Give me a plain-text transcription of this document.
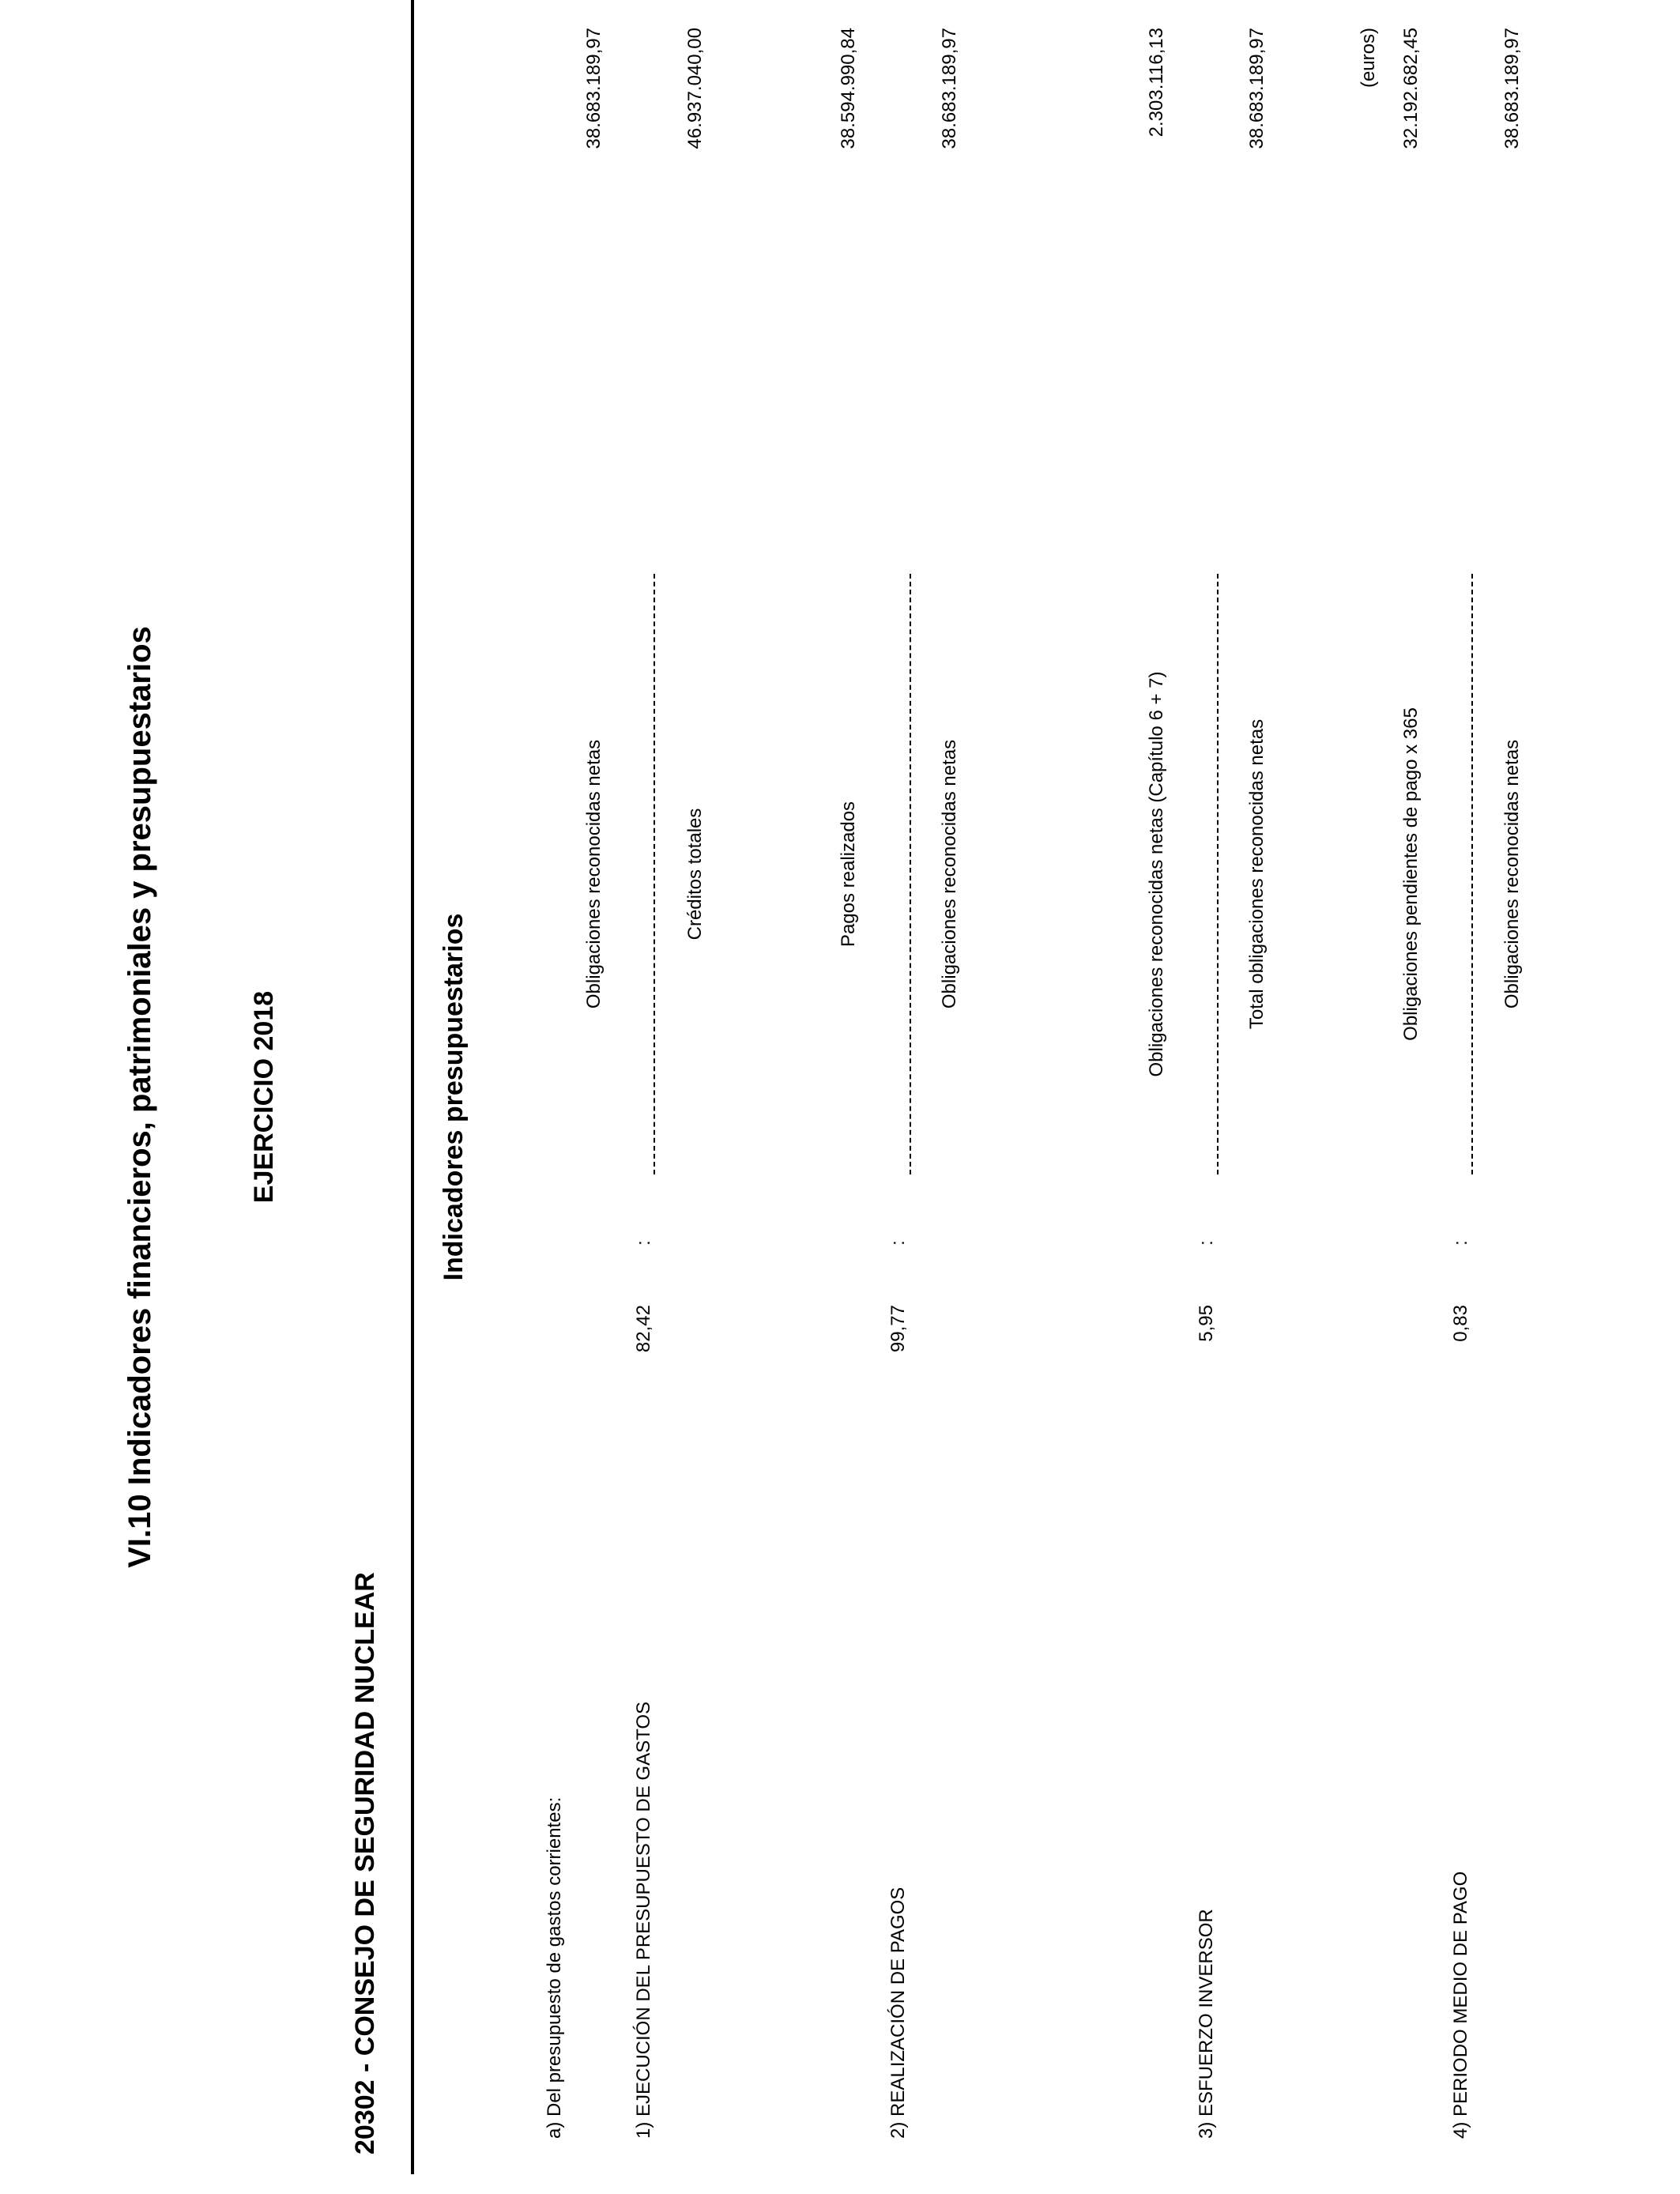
VI.10 Indicadores financieros, patrimoniales y presupuestarios	EJERCICIO 2018
20302 - CONSEJO DE SEGURIDAD NUCLEAR
Indicadores presupuestarios
(euros)
a) Del presupuesto de gastos corrientes:
Obligaciones reconocidas netas
38.683.189,97
1) EJECUCIÓN DEL PRESUPUESTO DE GASTOS
82,42
:
Créditos totales
46.937.040,00
Pagos realizados
38.594.990,84
2) REALIZACIÓN DE PAGOS
99,77
:
Obligaciones reconocidas netas
38.683.189,97
Obligaciones reconocidas netas (Capítulo 6 + 7)
2.303.116,13
3) ESFUERZO INVERSOR
5,95
:
Total obligaciones reconocidas netas
38.683.189,97
Obligaciones pendientes de pago x 365
32.192.682,45
4) PERIODO MEDIO DE PAGO
0,83
:
Obligaciones reconocidas netas
38.683.189,97
